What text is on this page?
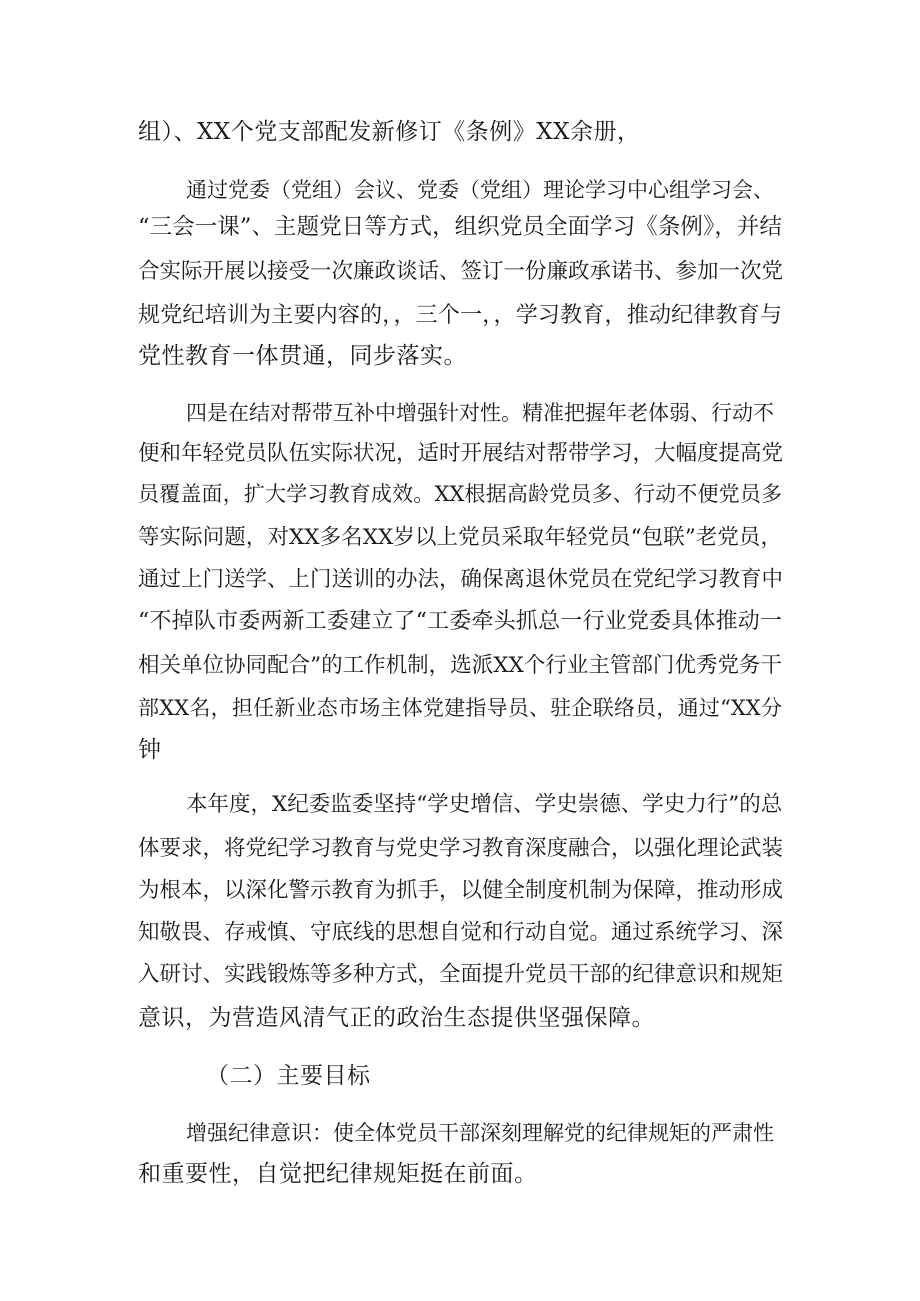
组）、XX个党支部配发新修订《条例》XX余册，
通过党委（党组）会议、党委（党组）理论学习中心组学习会、
“三会一课”、主题党日等方式，组织党员全面学习《条例》，并结
合实际开展以接受一次廉政谈话、签订一份廉政承诺书、参加一次党
规党纪培训为主要内容的，，三个一，，学习教育，推动纪律教育与
党性教育一体贯通，同步落实。
四是在结对帮带互补中增强针对性。精准把握年老体弱、行动不
便和年轻党员队伍实际状况，适时开展结对帮带学习，大幅度提高党
员覆盖面，扩大学习教育成效。XX根据高龄党员多、行动不便党员多
等实际问题，对XX多名XX岁以上党员采取年轻党员“包联”老党员，
通过上门送学、上门送训的办法，确保离退休党员在党纪学习教育中
“不掉队市委两新工委建立了“工委牵头抓总一行业党委具体推动一
相关单位协同配合”的工作机制，选派XX个行业主管部门优秀党务干
部XX名，担任新业态市场主体党建指导员、驻企联络员，通过“XX分
钟
本年度，X纪委监委坚持“学史增信、学史崇德、学史力行”的总
体要求，将党纪学习教育与党史学习教育深度融合，以强化理论武装
为根本，以深化警示教育为抓手，以健全制度机制为保障，推动形成
知敬畏、存戒慎、守底线的思想自觉和行动自觉。通过系统学习、深
入研讨、实践锻炼等多种方式，全面提升党员干部的纪律意识和规矩
意识，为营造风清气正的政治生态提供坚强保障。
（二）主要目标
增强纪律意识：使全体党员干部深刻理解党的纪律规矩的严肃性
和重要性，自觉把纪律规矩挺在前面。
